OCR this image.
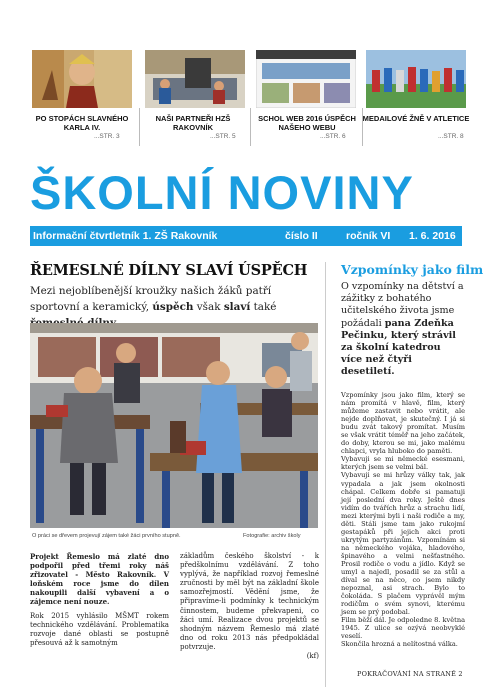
PO STOPÁCH SLAVNÉHO KARLA IV.
...STR. 3
NAŠI PARTNEŘI HZŠ RAKOVNÍK
...STR. 5
SCHOL WEB 2016 ÚSPĚCH NAŠEHO WEBU
...STR. 6
MEDAILOVÉ ŽNĚ V ATLETICE
...STR. 8
ŠKOLNÍ NOVINY
Informační čtvrtletník 1. ZŠ Rakovník	číslo II	ročník VI 1. 6. 2016
ŘEMESLNÉ DÍLNY SLAVÍ ÚSPĚCH
Mezi nejoblíbenější kroužky našich žáků patří sportovní a keramický, úspěch však slaví také
O práci se dřevem projevují zájem také žáci prvního stupně.	Fotografie: archiv školy

Projekt Řemeslo má zlaté dno podpořil před třemi roky náš zřizovatel - Město Rakovník. V loňském roce jsme do dílen nakoupili další vybavení a o zájemce není nouze.

Rok 2015 vyhlásilo MŠMT rokem technického vzdělávání. Problematika rozvoje dané oblasti se postupně přesouvá až k samotným

základům českého školství - k předškolnímu vzdělávání. Z toho vyplývá, že například rozvoj řemeslné zručnosti by měl být na základní škole samozřejmostí. Vědění jsme, že připravíme-li podmínky k technickým činnostem, budeme překvapeni, co žáci umí. Realizace dvou projektů se shodným názvem Řemeslo má zlaté dno od roku 2013 nás předpokládal potvrzuje.

(kf)
Vzpomínky jako film
O vzpomínky na dětství a zážitky z bohatého učitelského života jsme požádali pana Zdeňka Pečinku, který strávil za školní katedrou více než čtyři desetiletí.

Vzpomínky jsou jako film, který se nám promítá v hlavě, film, který můžeme zastavit nebo vrátit, ale nejde doplňovat, je skutečný. I já si budu zvát takový promítat. Musím se však vrátit téměř na jeho začátek, do doby, kterou se mi, jako malému chlapci, vryla hluboko do paměti.

Vybavuji se mi německé esesmani, kterých jsem se velmi bál.

Vybavuji se mi hrůzy války tak, jak vypadala a jak jsem okolnosti chápal. Celkem dobře si pamatuji její poslední dva roky. Ještě dnes vidím do tvářích hrůz a strachu lidí, mezi kterými byli i naši rodiče a my, děti. Stáli jsme tam jako rukojmí gestapáků při jejich akci proti ukrytým partyzánům. Vzpomínám si na německého vojáka, hladového, špinavého a velmi nešťastného. Prosil rodiče o vodu a jídlo. Když se umyl a najedl, posadil se za stůl a díval se na něco, co jsem nikdy nepoznal, asi strach. Bylo to čokoláda. S plačem vyprávěl mým rodičům o svém synovi, kterému jsem se prý podobal.

Film běží dál. Je odpoledne 8. května 1945. Z ulice se ozývá neobvyklé veselí.

Skončila hrozná a nelítostná válka.

POKRAČOVÁNÍ NA STRANĚ 2
